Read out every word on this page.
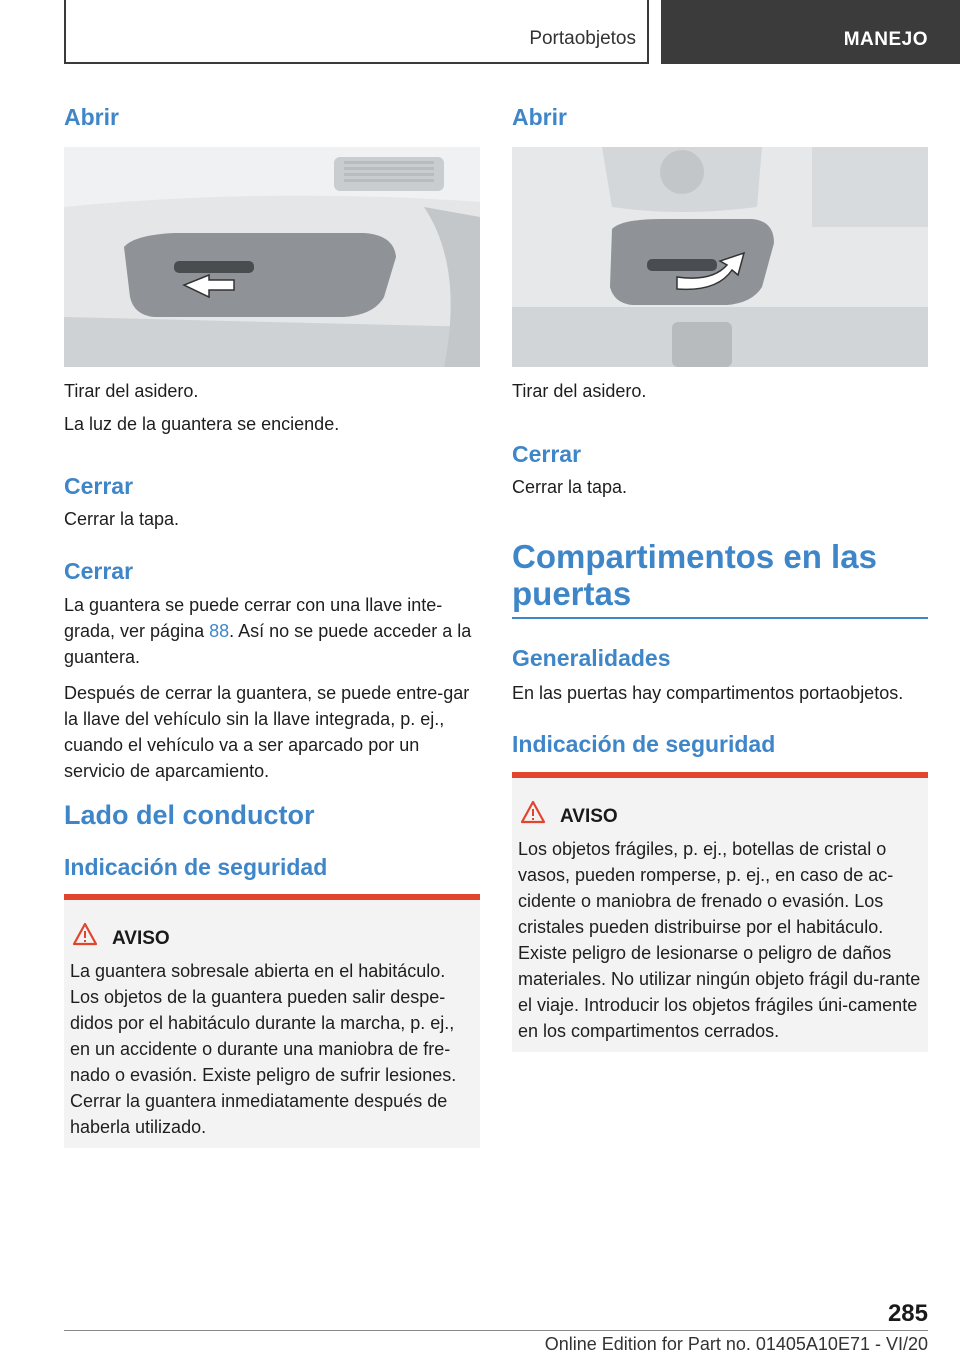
Portaobjetos	MANEJO
Abrir
Tirar del asidero.
La luz de la guantera se enciende.
Cerrar
Cerrar la tapa.
Cerrar
La guantera se puede cerrar con una llave inte-grada, ver página 88. Así no se puede acceder a la guantera.
Después de cerrar la guantera, se puede entre-gar la llave del vehículo sin la llave integrada, p. ej., cuando el vehículo va a ser aparcado por un servicio de aparcamiento.
Lado del conductor
Indicación de seguridad
AVISO
La guantera sobresale abierta en el habitáculo. Los objetos de la guantera pueden salir despe-didos por el habitáculo durante la marcha, p. ej., en un accidente o durante una maniobra de fre-nado o evasión. Existe peligro de sufrir lesiones. Cerrar la guantera inmediatamente después de haberla utilizado.
Abrir
Tirar del asidero.
Cerrar
Cerrar la tapa.
Compartimentos en las puertas
Generalidades
En las puertas hay compartimentos portaobjetos.
Indicación de seguridad
AVISO
Los objetos frágiles, p. ej., botellas de cristal o vasos, pueden romperse, p. ej., en caso de ac-cidente o maniobra de frenado o evasión. Los cristales pueden distribuirse por el habitáculo. Existe peligro de lesionarse o peligro de daños materiales. No utilizar ningún objeto frágil du-rante el viaje. Introducir los objetos frágiles úni-camente en los compartimentos cerrados.
285
Online Edition for Part no. 01405A10E71 - VI/20
